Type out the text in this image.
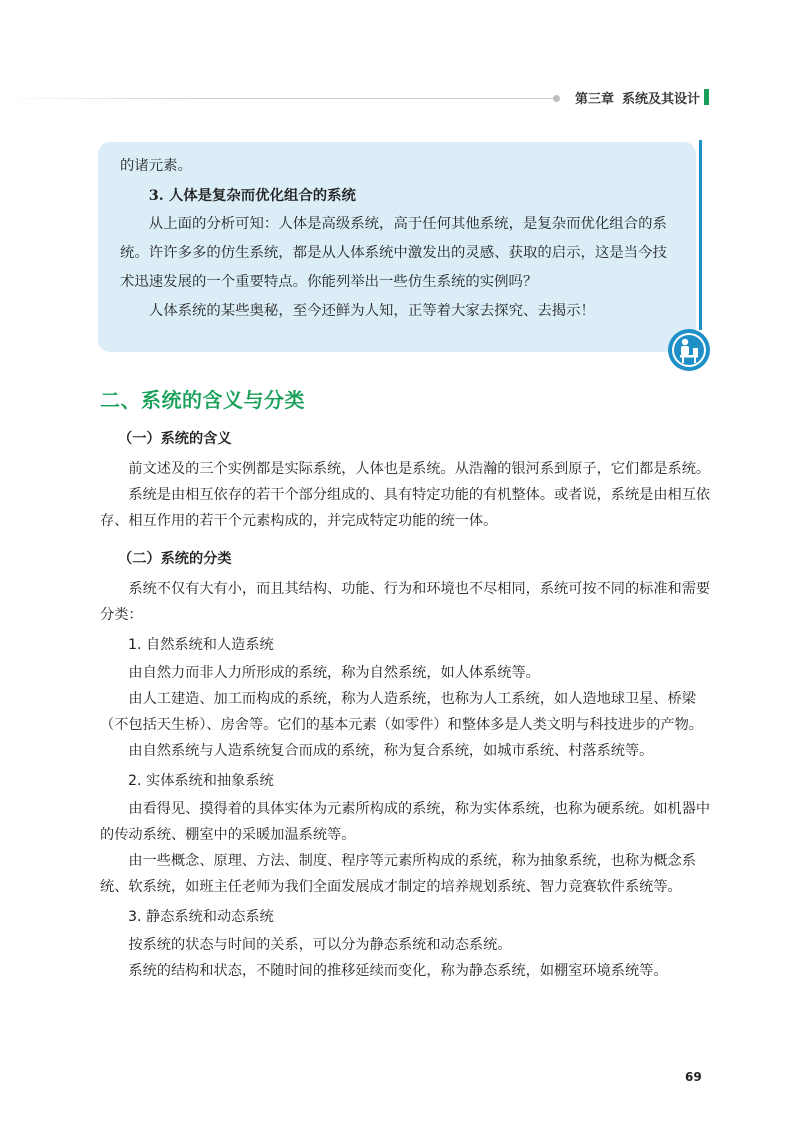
第三章 系统及其设计

的诸元素。

3. 人体是复杂而优化组合的系统

从上面的分析可知：人体是高级系统，高于任何其他系统，是复杂而优化组合的系统。许许多多的仿生系统，都是从人体系统中激发出的灵感、获取的启示，这是当今技术迅速发展的一个重要特点。你能列举出一些仿生系统的实例吗？

人体系统的某些奥秘，至今还鲜为人知，正等着大家去探究、去揭示！

二、系统的含义与分类

（一）系统的含义

前文述及的三个实例都是实际系统，人体也是系统。从浩瀚的银河系到原子，它们都是系统。

系统是由相互依存的若干个部分组成的、具有特定功能的有机整体。或者说，系统是由相互依存、相互作用的若干个元素构成的，并完成特定功能的统一体。

（二）系统的分类

系统不仅有大有小，而且其结构、功能、行为和环境也不尽相同，系统可按不同的标准和需要分类：

1. 自然系统和人造系统

由自然力而非人力所形成的系统，称为自然系统，如人体系统等。

由人工建造、加工而构成的系统，称为人造系统，也称为人工系统，如人造地球卫星、桥梁（不包括天生桥）、房舍等。它们的基本元素（如零件）和整体多是人类文明与科技进步的产物。

由自然系统与人造系统复合而成的系统，称为复合系统，如城市系统、村落系统等。

2. 实体系统和抽象系统

由看得见、摸得着的具体实体为元素所构成的系统，称为实体系统，也称为硬系统。如机器中的传动系统、棚室中的采暖加温系统等。

由一些概念、原理、方法、制度、程序等元素所构成的系统，称为抽象系统，也称为概念系统、软系统，如班主任老师为我们全面发展成才制定的培养规划系统、智力竞赛软件系统等。

3. 静态系统和动态系统

按系统的状态与时间的关系，可以分为静态系统和动态系统。

系统的结构和状态，不随时间的推移延续而变化，称为静态系统，如棚室环境系统等。

69
